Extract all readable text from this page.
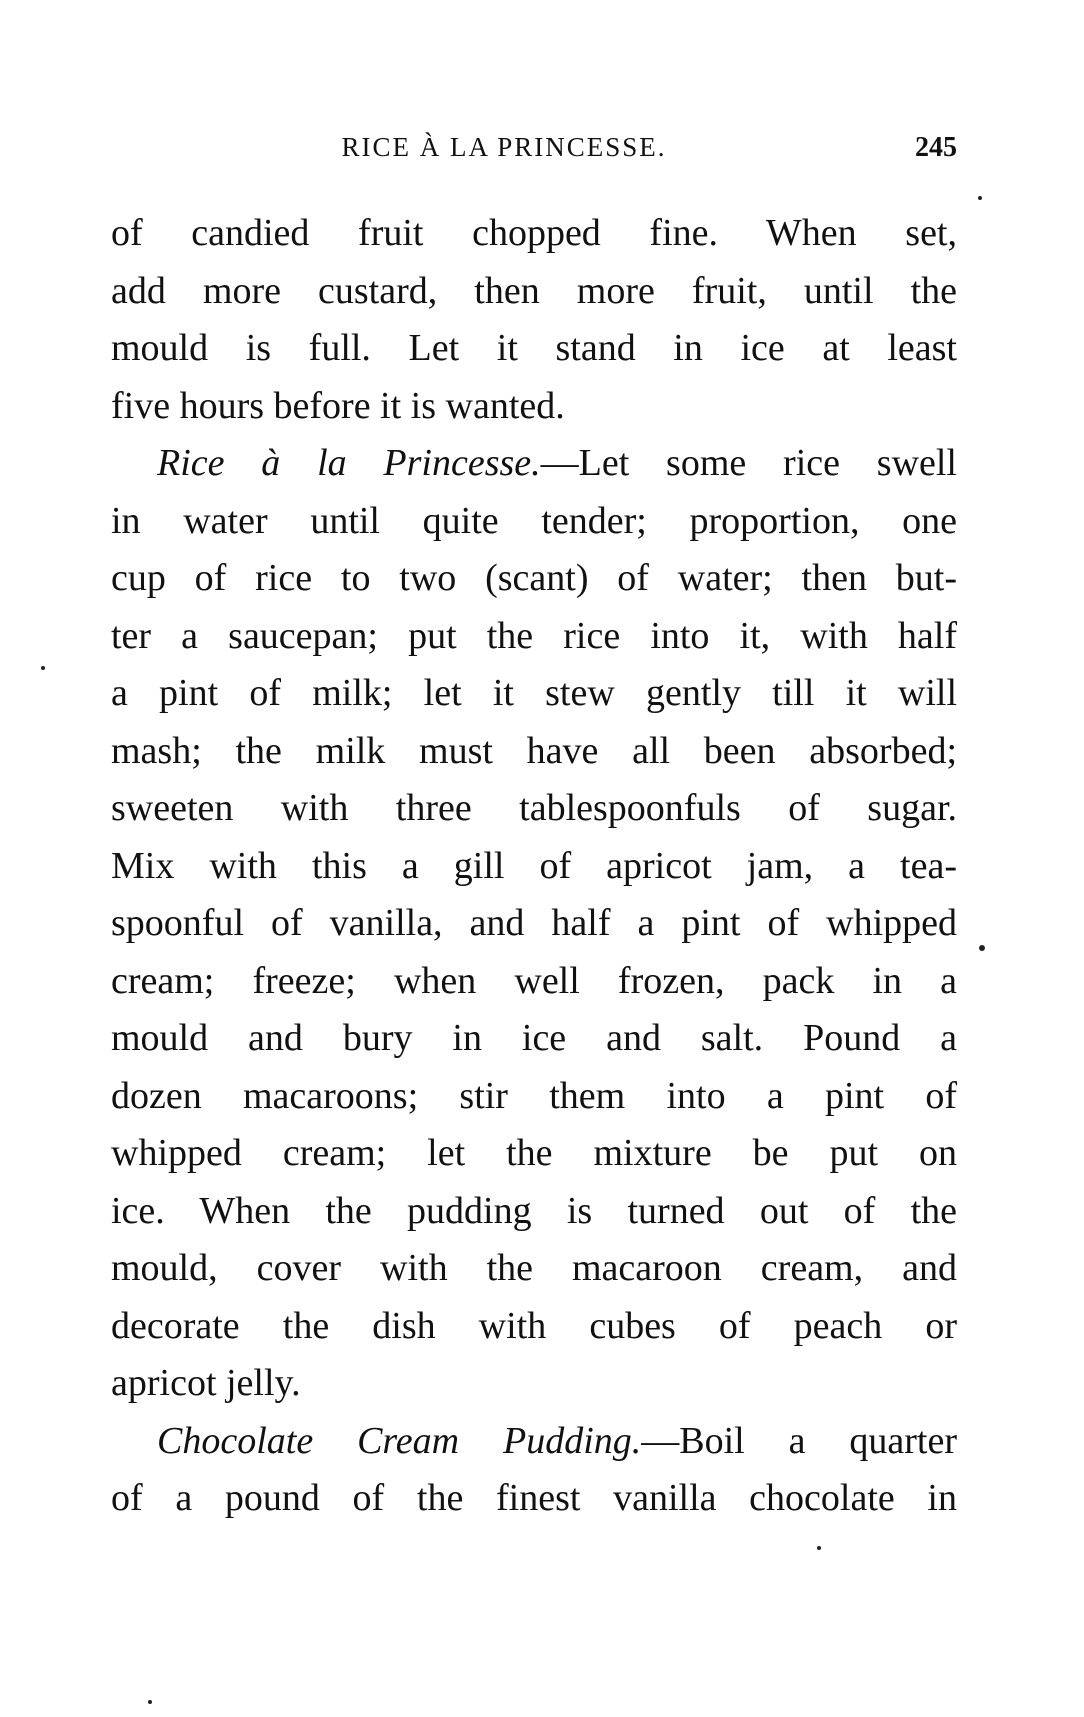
RICE À LA PRINCESSE.	245
of candied fruit chopped fine. When set,
add more custard, then more fruit, until the
mould is full. Let it stand in ice at least
five hours before it is wanted.
Rice à la Princesse.—Let some rice swell
in water until quite tender; proportion, one
cup of rice to two (scant) of water; then but-
ter a saucepan; put the rice into it, with half
a pint of milk; let it stew gently till it will
mash; the milk must have all been absorbed;
sweeten with three tablespoonfuls of sugar.
Mix with this a gill of apricot jam, a tea-
spoonful of vanilla, and half a pint of whipped
cream; freeze; when well frozen, pack in a
mould and bury in ice and salt. Pound a
dozen macaroons; stir them into a pint of
whipped cream; let the mixture be put on
ice. When the pudding is turned out of the
mould, cover with the macaroon cream, and
decorate the dish with cubes of peach or
apricot jelly.
Chocolate Cream Pudding.—Boil a quarter
of a pound of the finest vanilla chocolate in
